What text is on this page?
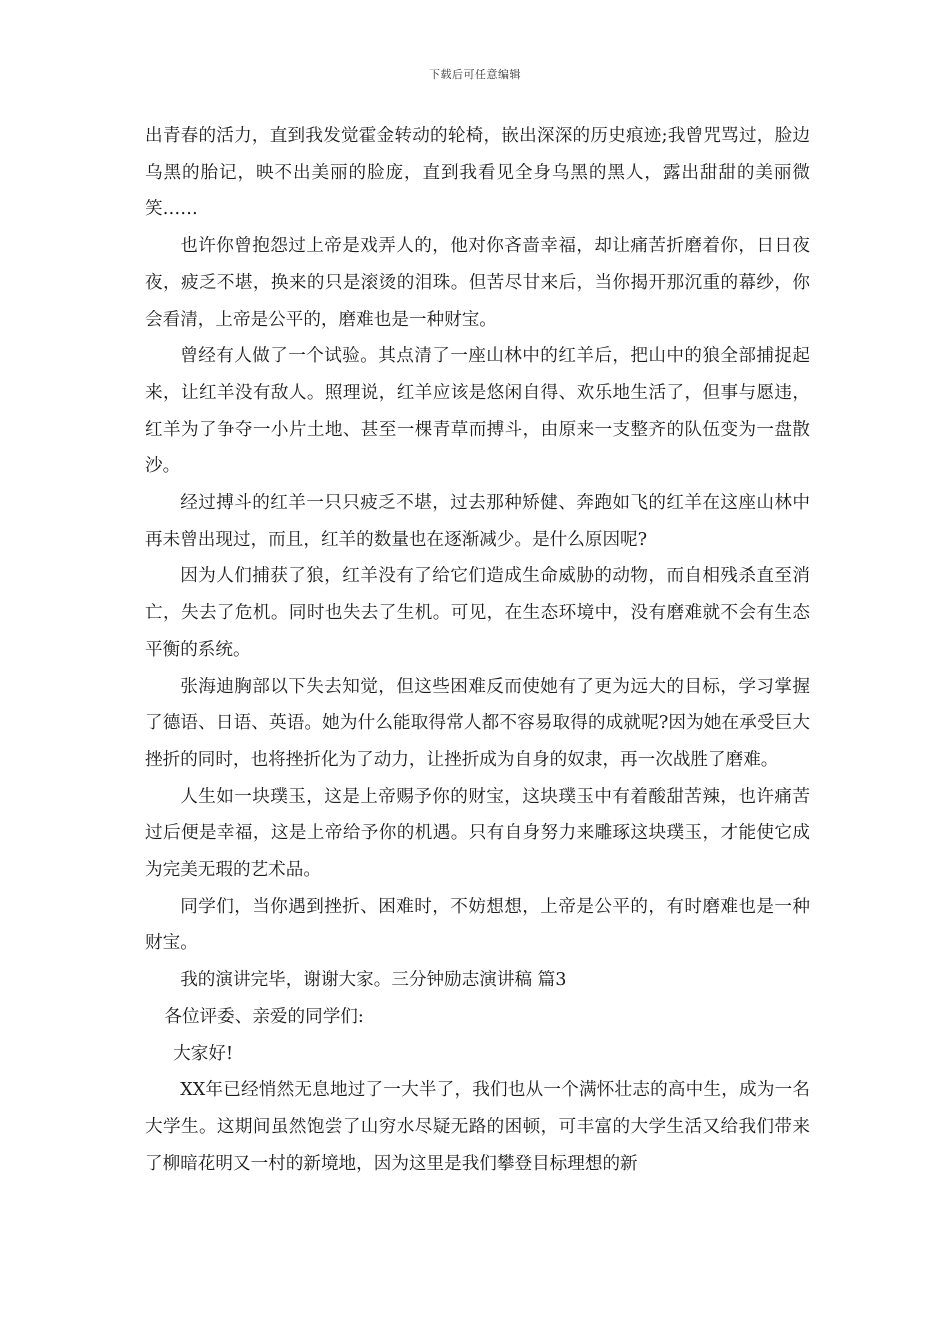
下载后可任意编辑

出青春的活力，直到我发觉霍金转动的轮椅，嵌出深深的历史痕迹;我曾咒骂过，脸边乌黑的胎记，映不出美丽的脸庞，直到我看见全身乌黑的黑人，露出甜甜的美丽微笑……

也许你曾抱怨过上帝是戏弄人的，他对你吝啬幸福，却让痛苦折磨着你，日日夜夜，疲乏不堪，换来的只是滚烫的泪珠。但苦尽甘来后，当你揭开那沉重的幕纱，你会看清，上帝是公平的，磨难也是一种财宝。

曾经有人做了一个试验。其点清了一座山林中的红羊后，把山中的狼全部捕捉起来，让红羊没有敌人。照理说，红羊应该是悠闲自得、欢乐地生活了，但事与愿违，红羊为了争夺一小片土地、甚至一棵青草而搏斗，由原来一支整齐的队伍变为一盘散沙。

经过搏斗的红羊一只只疲乏不堪，过去那种矫健、奔跑如飞的红羊在这座山林中再未曾出现过，而且，红羊的数量也在逐渐减少。是什么原因呢?

因为人们捕获了狼，红羊没有了给它们造成生命威胁的动物，而自相残杀直至消亡，失去了危机。同时也失去了生机。可见，在生态环境中，没有磨难就不会有生态平衡的系统。

张海迪胸部以下失去知觉，但这些困难反而使她有了更为远大的目标，学习掌握了德语、日语、英语。她为什么能取得常人都不容易取得的成就呢?因为她在承受巨大挫折的同时，也将挫折化为了动力，让挫折成为自身的奴隶，再一次战胜了磨难。

人生如一块璞玉，这是上帝赐予你的财宝，这块璞玉中有着酸甜苦辣，也许痛苦过后便是幸福，这是上帝给予你的机遇。只有自身努力来雕琢这块璞玉，才能使它成为完美无瑕的艺术品。

同学们，当你遇到挫折、困难时，不妨想想，上帝是公平的，有时磨难也是一种财宝。

我的演讲完毕，谢谢大家。三分钟励志演讲稿 篇3

各位评委、亲爱的同学们:

大家好!

XX年已经悄然无息地过了一大半了，我们也从一个满怀壮志的高中生，成为一名大学生。这期间虽然饱尝了山穷水尽疑无路的困顿，可丰富的大学生活又给我们带来了柳暗花明又一村的新境地，因为这里是我们攀登目标理想的新
